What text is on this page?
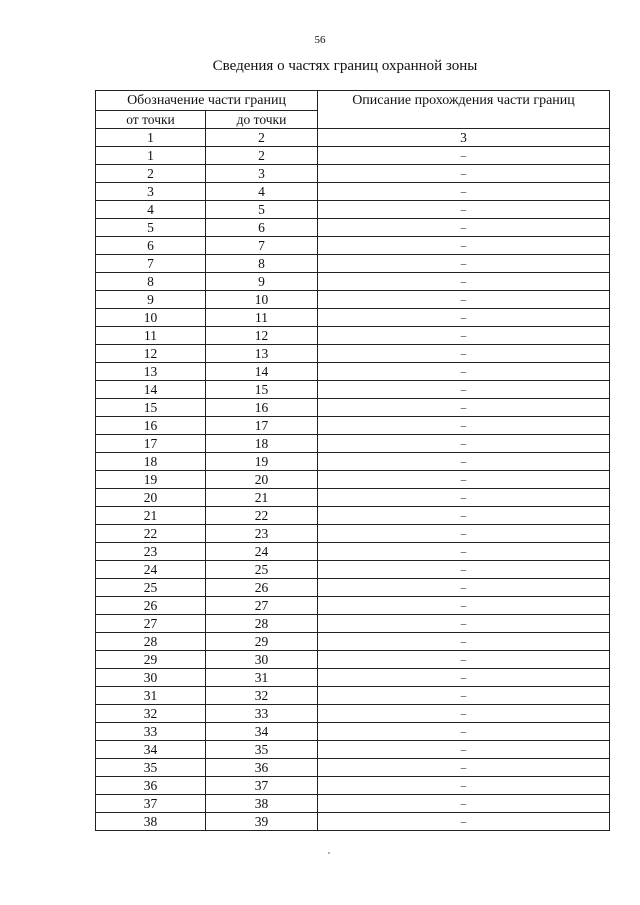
56
Сведения о частях границ охранной зоны
Обозначение части границ		Описание прохождения части границ
от точки	до точки	
1	2	3
1	2	–
2	3	–
3	4	–
4	5	–
5	6	–
6	7	–
7	8	–
8	9	–
9	10	–
10	11	–
11	12	–
12	13	–
13	14	–
14	15	–
15	16	–
16	17	–
17	18	–
18	19	–
19	20	–
20	21	–
21	22	–
22	23	–
23	24	–
24	25	–
25	26	–
26	27	–
27	28	–
28	29	–
29	30	–
30	31	–
31	32	–
32	33	–
33	34	–
34	35	–
35	36	–
36	37	–
37	38	–
38	39	–
